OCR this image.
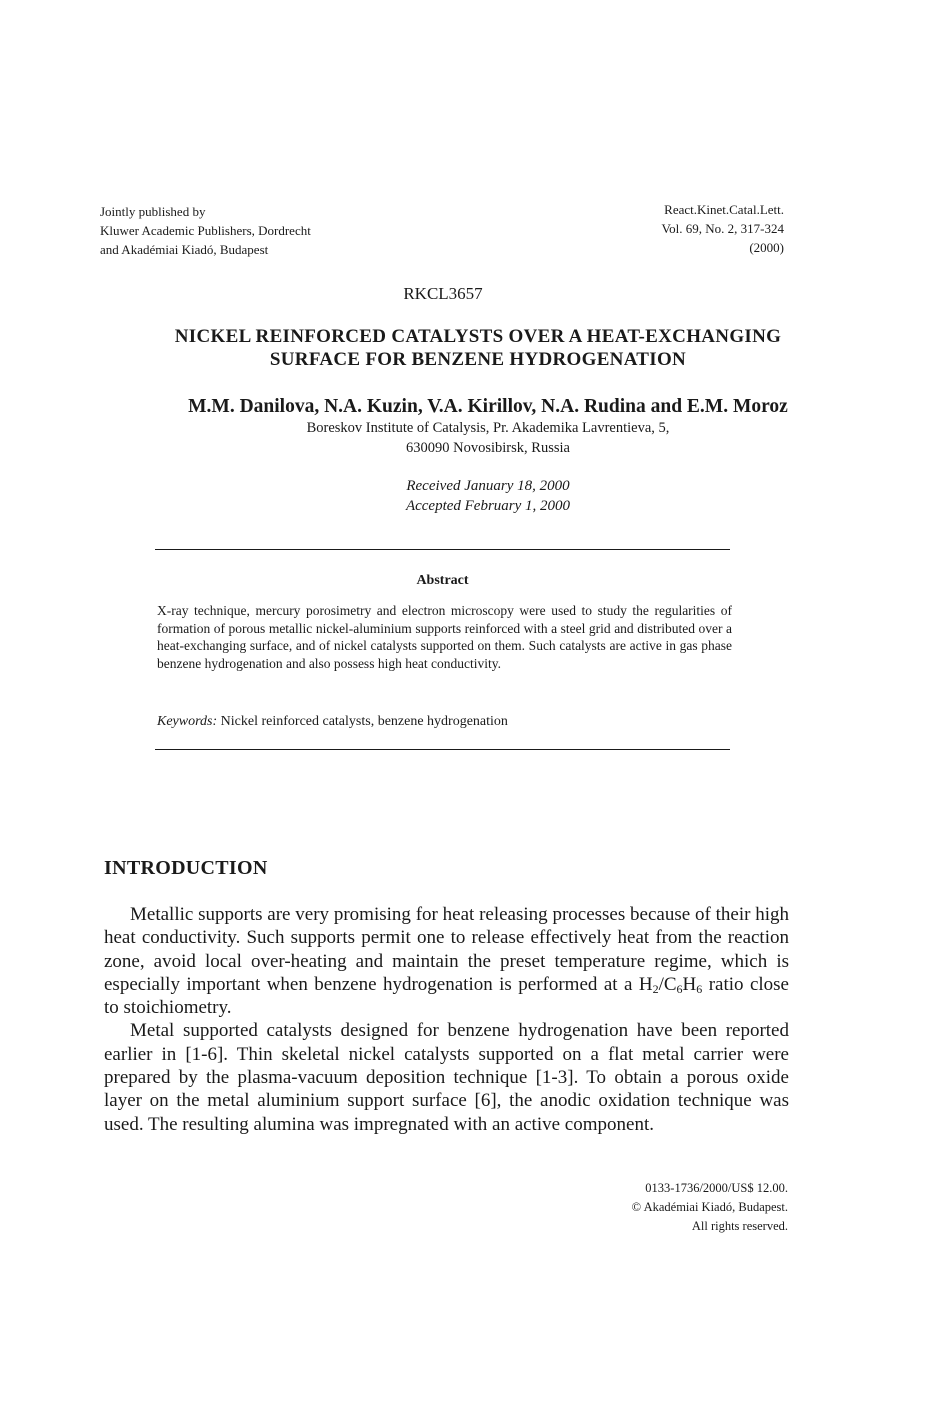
Jointly published by
Kluwer Academic Publishers, Dordrecht
and Akadémiai Kiadó, Budapest
React.Kinet.Catal.Lett.
Vol. 69, No. 2, 317-324
(2000)
RKCL3657
NICKEL REINFORCED CATALYSTS OVER A HEAT-EXCHANGING
SURFACE FOR BENZENE HYDROGENATION
M.M. Danilova, N.A. Kuzin, V.A. Kirillov, N.A. Rudina and E.M. Moroz
Boreskov Institute of Catalysis, Pr. Akademika Lavrentieva, 5,
630090 Novosibirsk, Russia
Received January 18, 2000
Accepted February 1, 2000
Abstract
X-ray technique, mercury porosimetry and electron microscopy were used to study the regularities of formation of porous metallic nickel-aluminium supports reinforced with a steel grid and distributed over a heat-exchanging surface, and of nickel catalysts supported on them. Such catalysts are active in gas phase benzene hydrogenation and also possess high heat conductivity.
Keywords: Nickel reinforced catalysts, benzene hydrogenation
INTRODUCTION

Metallic supports are very promising for heat releasing processes because of their high heat conductivity. Such supports permit one to release effectively heat from the reaction zone, avoid local over-heating and maintain the preset temperature regime, which is especially important when benzene hydrogenation is performed at a $H_2/C_6H_6$ ratio close to stoichiometry.

Metal supported catalysts designed for benzene hydrogenation have been reported earlier in [1-6]. Thin skeletal nickel catalysts supported on a flat metal carrier were prepared by the plasma-vacuum deposition technique [1-3]. To obtain a porous oxide layer on the metal aluminium support surface [6], the anodic oxidation technique was used. The resulting alumina was impregnated with an active component.

0133-1736/2000/US$ 12.00.
© Akadémiai Kiadó, Budapest.
All rights reserved.
